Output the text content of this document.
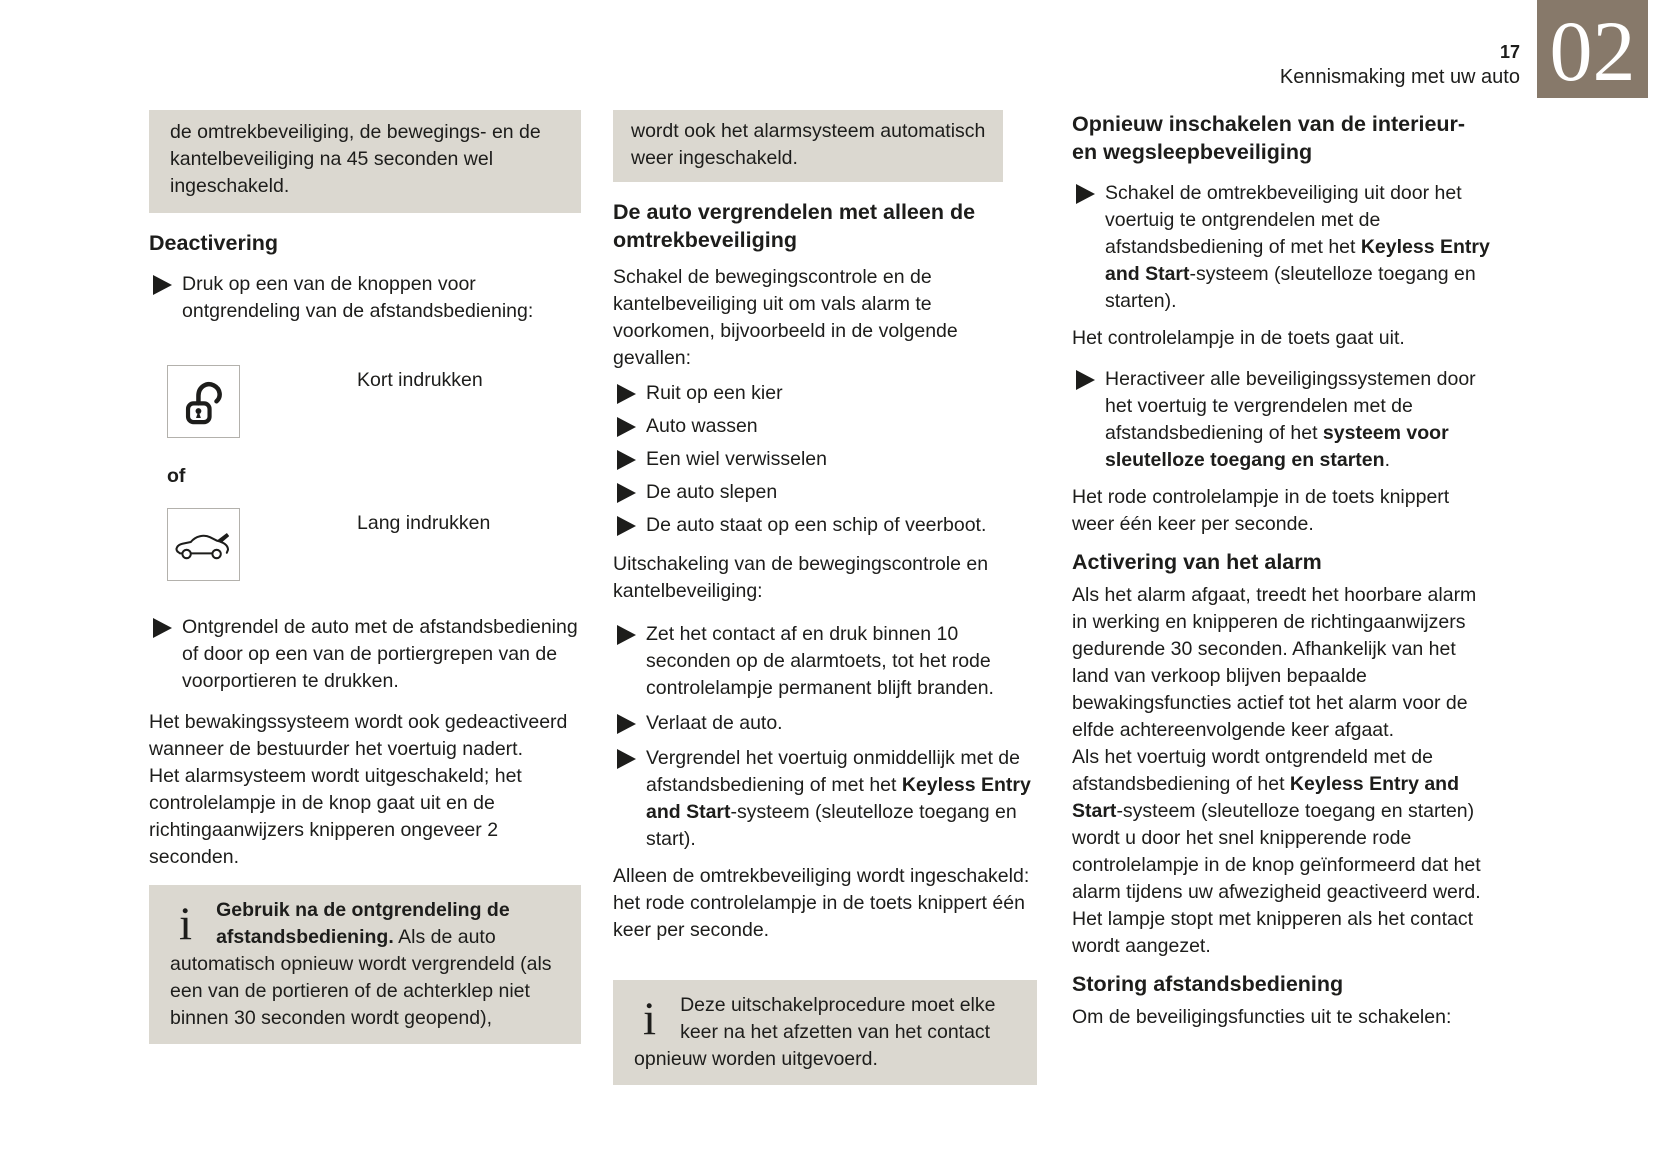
17
Kennismaking met uw auto 02
de omtrekbeveiliging, de bewegings- en de kantelbeveiliging na 45 seconden wel ingeschakeld.
Deactivering
Druk op een van de knoppen voor ontgrendeling van de afstandsbediening:
Kort indrukken
of
Lang indrukken
Ontgrendel de auto met de afstandsbediening of door op een van de portiergrepen van de voorportieren te drukken.
Het bewakingssysteem wordt ook gedeactiveerd wanneer de bestuurder het voertuig nadert.
Het alarmsysteem wordt uitgeschakeld; het controlelampje in de knop gaat uit en de richtingaanwijzers knipperen ongeveer 2 seconden.
i Gebruik na de ontgrendeling de afstandsbediening. Als de auto automatisch opnieuw wordt vergrendeld (als een van de portieren of de achterklep niet binnen 30 seconden wordt geopend),
wordt ook het alarmsysteem automatisch weer ingeschakeld.
De auto vergrendelen met alleen de omtrekbeveiliging
Schakel de bewegingscontrole en de kantelbeveiliging uit om vals alarm te voorkomen, bijvoorbeeld in de volgende gevallen:
Ruit op een kier
Auto wassen
Een wiel verwisselen
De auto slepen
De auto staat op een schip of veerboot.
Uitschakeling van de bewegingscontrole en kantelbeveiliging:
Zet het contact af en druk binnen 10 seconden op de alarmtoets, tot het rode controlelampje permanent blijft branden.
Verlaat de auto.
Vergrendel het voertuig onmiddellijk met de afstandsbediening of met het Keyless Entry and Start-systeem (sleutelloze toegang en start).
Alleen de omtrekbeveiliging wordt ingeschakeld: het rode controlelampje in de toets knippert één keer per seconde.
i Deze uitschakelprocedure moet elke keer na het afzetten van het contact opnieuw worden uitgevoerd.
Opnieuw inschakelen van de interieur- en wegsleepbeveiliging
Schakel de omtrekbeveiliging uit door het voertuig te ontgrendelen met de afstandsbediening of met het Keyless Entry and Start-systeem (sleutelloze toegang en starten).
Het controlelampje in de toets gaat uit.
Heractiveer alle beveiligingssystemen door het voertuig te vergrendelen met de afstandsbediening of het systeem voor sleutelloze toegang en starten.
Het rode controlelampje in de toets knippert weer één keer per seconde.
Activering van het alarm
Als het alarm afgaat, treedt het hoorbare alarm in werking en knipperen de richtingaanwijzers gedurende 30 seconden. Afhankelijk van het land van verkoop blijven bepaalde bewakingsfuncties actief tot het alarm voor de elfde achtereenvolgende keer afgaat.
Als het voertuig wordt ontgrendeld met de afstandsbediening of het Keyless Entry and Start-systeem (sleutelloze toegang en starten) wordt u door het snel knipperende rode controlelampje in de knop geïnformeerd dat het alarm tijdens uw afwezigheid geactiveerd werd. Het lampje stopt met knipperen als het contact wordt aangezet.
Storing afstandsbediening
Om de beveiligingsfuncties uit te schakelen:
